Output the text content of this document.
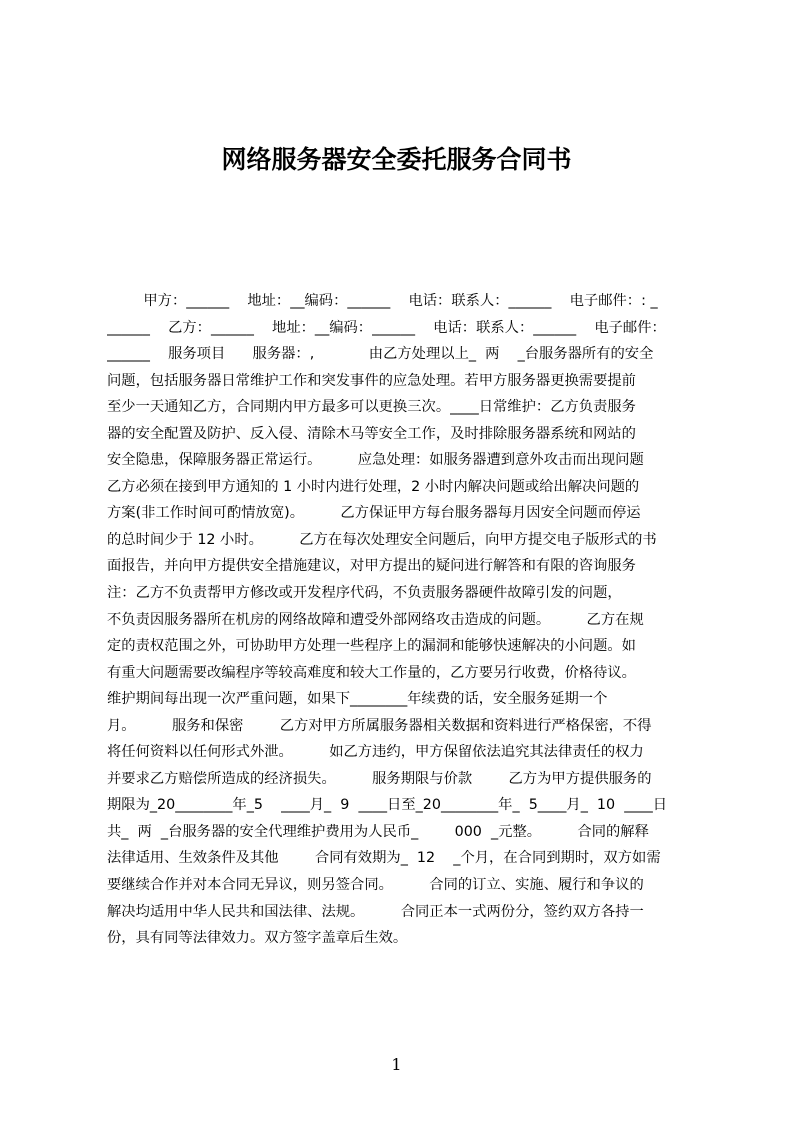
网络服务器安全委托服务合同书
甲方：______    地址：__编码：______    电话：联系人：______    电子邮件：: _
______    乙方：______    地址：__编码：______    电话：联系人：______    电子邮件：
______    服务项目      服务器：,            由乙方处理以上_  两    _台服务器所有的安全
问题，包括服务器日常维护工作和突发事件的应急处理。若甲方服务器更换需要提前
至少一天通知乙方，合同期内甲方最多可以更换三次。____日常维护：乙方负责服务
器的安全配置及防护、反入侵、清除木马等安全工作，及时排除服务器系统和网站的
安全隐患，保障服务器正常运行。        应急处理：如服务器遭到意外攻击而出现问题
乙方必须在接到甲方通知的 1 小时内进行处理，2 小时内解决问题或给出解决问题的
方案(非工作时间可酌情放宽)。        乙方保证甲方每台服务器每月因安全问题而停运
的总时间少于 12 小时。        乙方在每次处理安全问题后，向甲方提交电子版形式的书
面报告，并向甲方提供安全措施建议，对甲方提出的疑问进行解答和有限的咨询服务
注：乙方不负责帮甲方修改或开发程序代码，不负责服务器硬件故障引发的问题，
不负责因服务器所在机房的网络故障和遭受外部网络攻击造成的问题。        乙方在规
定的责权范围之外，可协助甲方处理一些程序上的漏洞和能够快速解决的小问题。如
有重大问题需要改编程序等较高难度和较大工作量的，乙方要另行收费，价格待议。
维护期间每出现一次严重问题，如果下________年续费的话，安全服务延期一个
月。        服务和保密        乙方对甲方所属服务器相关数据和资料进行严格保密，不得
将任何资料以任何形式外泄。        如乙方违约，甲方保留依法追究其法律责任的权力
并要求乙方赔偿所造成的经济损失。        服务期限与价款        乙方为甲方提供服务的
期限为_20________年_5    ____月_  9  ____日至_20________年_  5____月_  10  ____日
共_  两  _台服务器的安全代理维护费用为人民币_        000  _元整。        合同的解释
法律适用、生效条件及其他        合同有效期为_  12    _个月，在合同到期时，双方如需
要继续合作并对本合同无异议，则另签合同。        合同的订立、实施、履行和争议的
解决均适用中华人民共和国法律、法规。        合同正本一式两份分，签约双方各持一
份，具有同等法律效力。双方签字盖章后生效。
1
